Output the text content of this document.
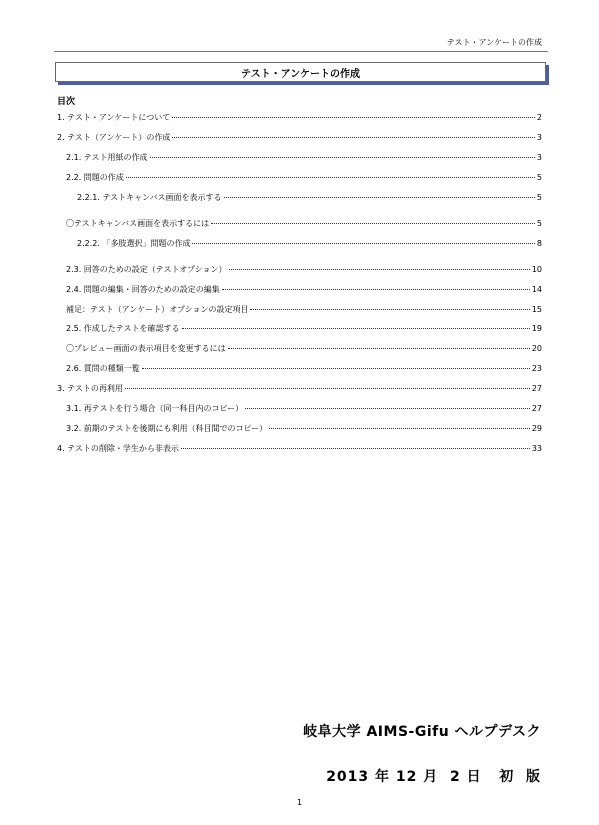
テスト・アンケートの作成
テスト・アンケートの作成
目次
1. テスト・アンケートについて	2
2. テスト（アンケート）の作成	3
2.1. テスト用紙の作成	3
2.2. 問題の作成	5
2.2.1. テストキャンバス画面を表示する	5
〇テストキャンバス画面を表示するには	5
2.2.2. 「多肢選択」問題の作成	8
2.3. 回答のための設定（テストオプション）	10
2.4. 問題の編集・回答のための設定の編集	14
補足：テスト（アンケート）オプションの設定項目	15
2.5. 作成したテストを確認する	19
〇プレビュー画面の表示項目を変更するには	20
2.6. 質問の種類一覧	23
3. テストの再利用	27
3.1. 再テストを行う場合（同一科目内のコピー）	27
3.2. 前期のテストを後期にも利用（科目間でのコピー）	29
4. テストの削除・学生から非表示	33
岐阜大学 AIMS-Gifu ヘルプデスク
2013 年 12 月  2 日   初  版
1
